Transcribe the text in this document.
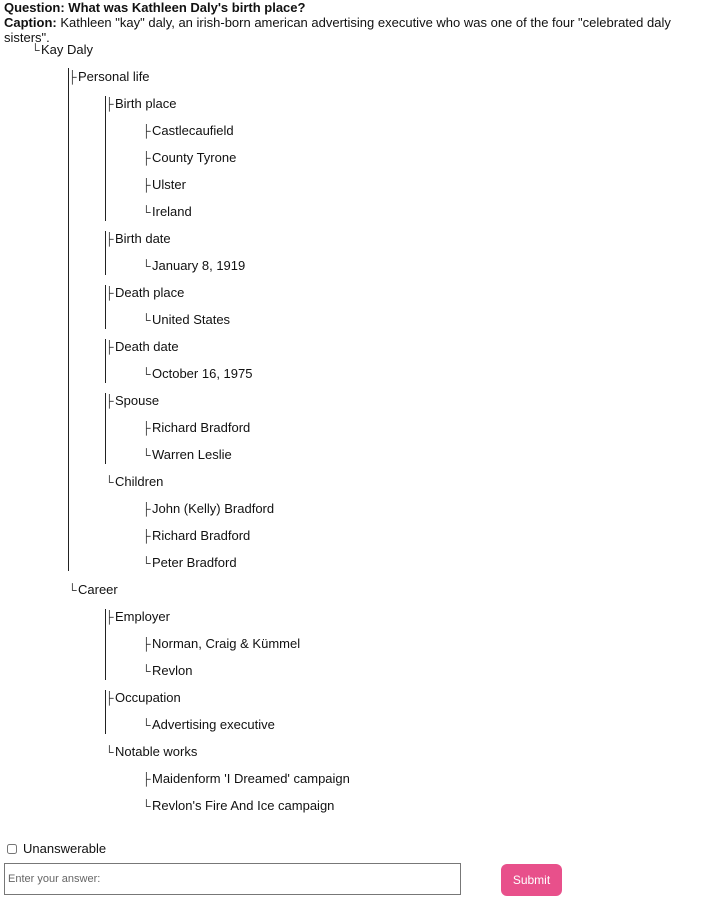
Question: What was Kathleen Daly's birth place?
Caption: Kathleen "kay" daly, an irish-born american advertising executive who was one of the four "celebrated daly sisters".
└Kay Daly
├Personal life
├Birth place
├Castlecaufield
├County Tyrone
├Ulster
└Ireland
├Birth date
└January 8, 1919
├Death place
└United States
├Death date
└October 16, 1975
├Spouse
├Richard Bradford
└Warren Leslie
└Children
├John (Kelly) Bradford
├Richard Bradford
└Peter Bradford
└Career
├Employer
├Norman, Craig & Kümmel
└Revlon
├Occupation
└Advertising executive
└Notable works
├Maidenform 'I Dreamed' campaign
└Revlon's Fire And Ice campaign
Unanswerable
Enter your answer:
Submit
